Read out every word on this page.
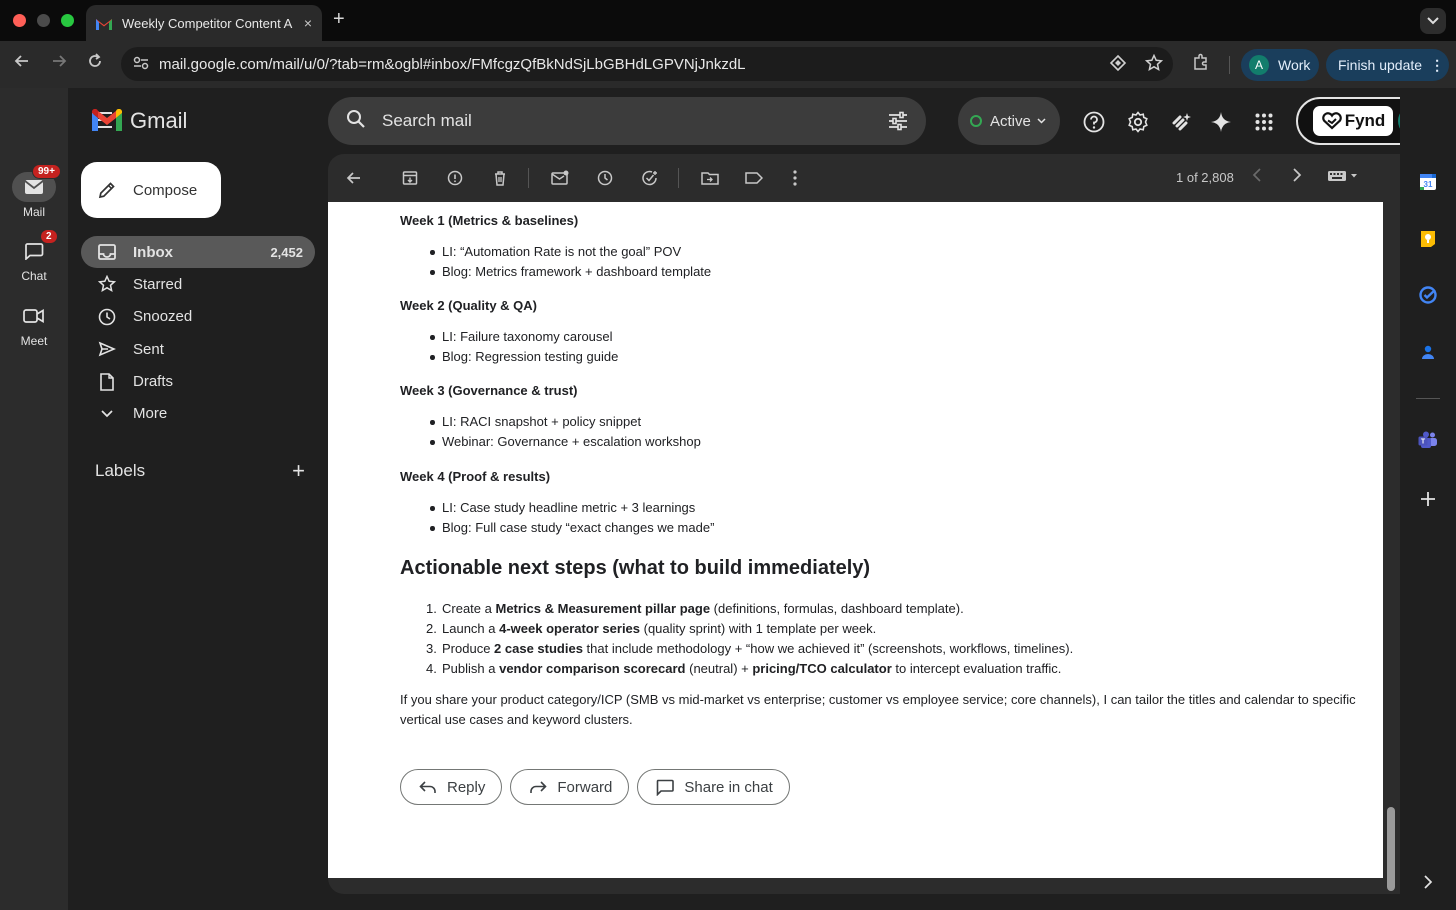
Weekly Competitor Content A × +
mail.google.com/mail/u/0/?tab=rm&ogbl#inbox/FMfcgzQfBkNdSjLbGBHdLGPVNjJnkzdL	A	Work Finish update ⋮
99+
Mail
2
Chat
Meet
Gmail	Search mail	Active	Fynd
Compose
Inbox	2,452
Starred
Snoozed
Sent
Drafts
More
Labels	+
1 of 2,808
Week 1 (Metrics & baselines)
LI: “Automation Rate is not the goal” POV
Blog: Metrics framework + dashboard template
Week 2 (Quality & QA)
LI: Failure taxonomy carousel
Blog: Regression testing guide
Week 3 (Governance & trust)
LI: RACI snapshot + policy snippet
Webinar: Governance + escalation workshop
Week 4 (Proof & results)
LI: Case study headline metric + 3 learnings
Blog: Full case study “exact changes we made”
Actionable next steps (what to build immediately)
1. Create a Metrics & Measurement pillar page (definitions, formulas, dashboard template).
2. Launch a 4-week operator series (quality sprint) with 1 template per week.
3. Produce 2 case studies that include methodology + “how we achieved it” (screenshots, workflows, timelines).
4. Publish a vendor comparison scorecard (neutral) + pricing/TCO calculator to intercept evaluation traffic.
If you share your product category/ICP (SMB vs mid-market vs enterprise; customer vs employee service; core channels), I can tailor the titles and calendar to specific vertical use cases and keyword clusters.
Reply	Forward	Share in chat
31
T
